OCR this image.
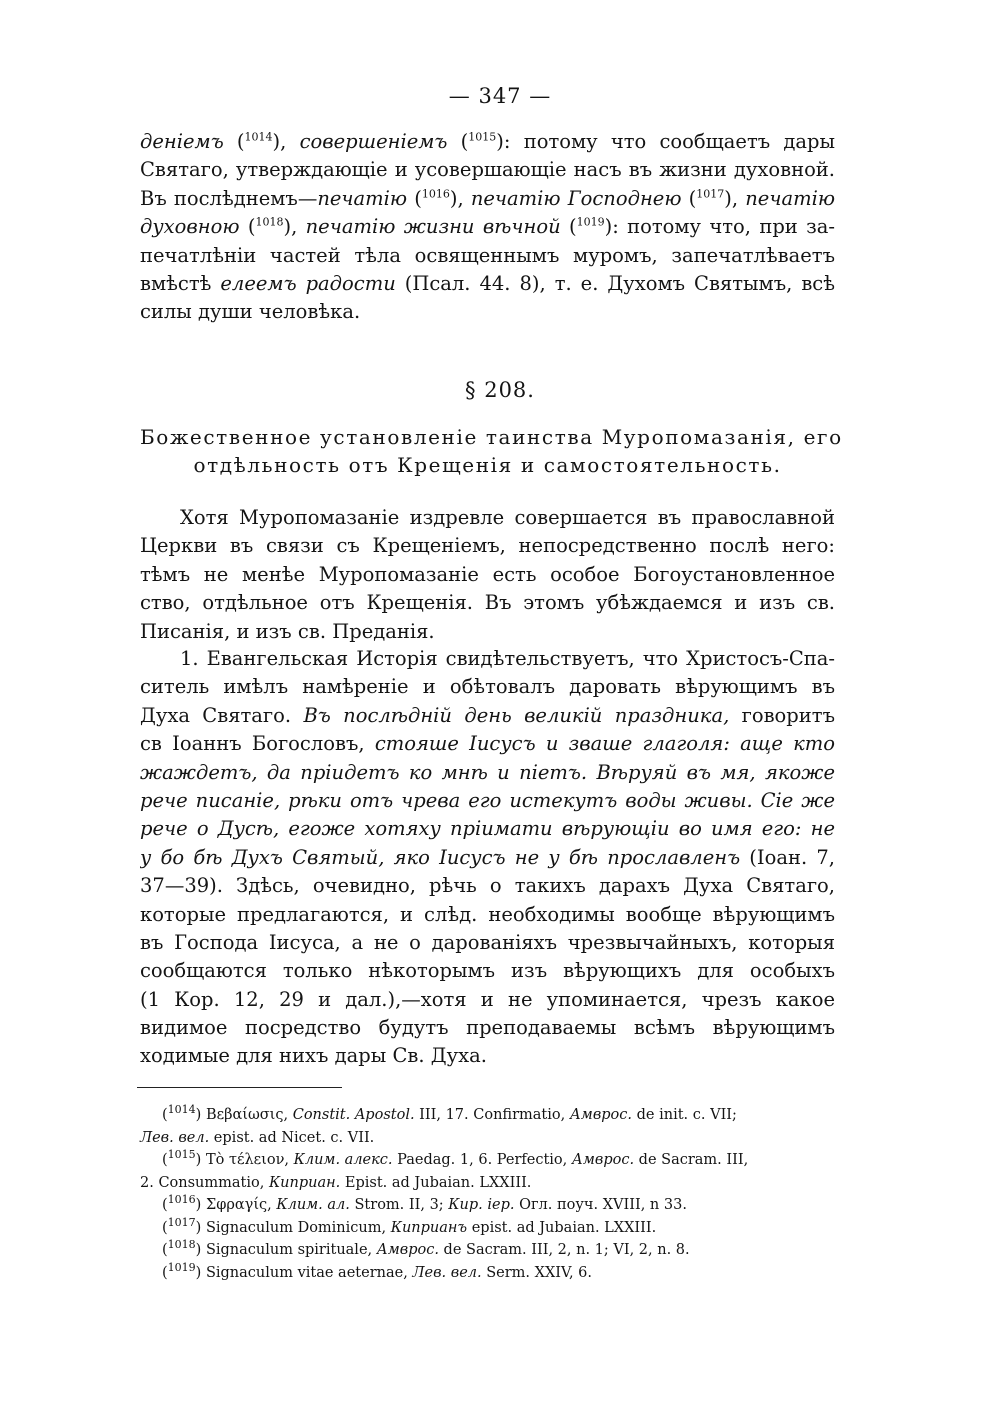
— 347 —
деніемъ ($^{1014}$), совершеніемъ ($^{1015}$): потому что сообщаетъ дары
Святаго, утверждающіе и усовершающіе насъ въ жизни духовной.
Въ послѣднемъ—печатію ($^{1016}$), печатію Господнею ($^{1017}$), печатію
духовною ($^{1018}$), печатію жизни вѣчной ($^{1019}$): потому что, при за-
печатлѣніи частей тѣла освященнымъ муромъ, запечатлѣваетъ
вмѣстѣ елеемъ радости (Псал. 44. 8), т. е. Духомъ Святымъ, всѣ
силы души человѣка.
§ 208.
Божественное установленіе таинства Муропомазанія, его
отдѣльность отъ Крещенія и самостоятельность.
Хотя Муропомазаніе издревле совершается въ православной
Церкви въ связи съ Крещеніемъ, непосредственно послѣ него:
тѣмъ не менѣе Муропомазаніе есть особое Богоустановленное
ство, отдѣльное отъ Крещенія. Въ этомъ убѣждаемся и изъ св.
Писанія, и изъ св. Преданія.
1. Евангельская Исторія свидѣтельствуетъ, что Христосъ-Спа-
ситель имѣлъ намѣреніе и обѣтовалъ даровать вѣрующимъ въ
Духа Святаго. Въ послѣдній день великій праздника, говоритъ
св Іоаннъ Богословъ, стояше Іисусъ и зваше глаголя: аще кто
жаждетъ, да пріидетъ ко мнѣ и піетъ. Вѣруяй въ мя, якоже
рече писаніе, рѣки отъ чрева его истекутъ воды живы. Сіе же
рече о Дусѣ, егоже хотяху пріимати вѣрующіи во имя его: не
у бо бѣ Духъ Святый, яко Іисусъ не у бѣ прославленъ (Іоан. 7,
37—39). Здѣсь, очевидно, рѣчь о такихъ дарахъ Духа Святаго,
которые предлагаются, и слѣд. необходимы вообще вѣрующимъ
въ Господа Іисуса, а не о дарованіяхъ чрезвычайныхъ, которыя
сообщаются только нѣкоторымъ изъ вѣрующихъ для особыхъ
(1 Кор. 12, 29 и дал.),—хотя и не упоминается, чрезъ какое
видимое посредство будутъ преподаваемы всѣмъ вѣрующимъ
ходимые для нихъ дары Св. Духа.
($^{1014}$) Βεβαίωσις, Constit. Apostol. III, 17. Confirmatio, Амврос. de init. c. VII;
Лев. вел. epist. ad Nicet. c. VII.
($^{1015}$) Τὸ τέλειον, Клим. алекс. Paedag. 1, 6. Perfectio, Амврос. de Sacram. III,
2. Consummatio, Киприан. Epist. ad Jubaian. LXXIII.
($^{1016}$) Σφραγίς, Клим. ал. Strom. II, 3; Кир. іер. Огл. поуч. XVIII, n 33.
($^{1017}$) Signaculum Dominicum, Киприанъ epist. ad Jubaian. LXXIII.
($^{1018}$) Signaculum spirituale, Амврос. de Sacram. III, 2, n. 1; VI, 2, n. 8.
($^{1019}$) Signaculum vitae aeternae, Лев. вел. Serm. XXIV, 6.
